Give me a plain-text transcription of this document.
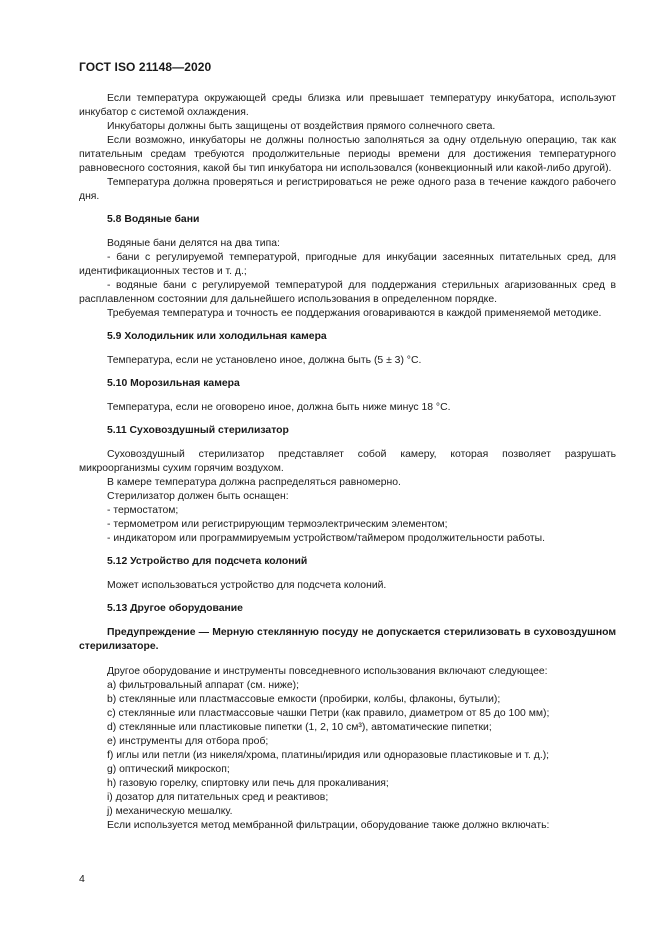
ГОСТ ISO 21148—2020

Если температура окружающей среды близка или превышает температуру инкубатора, используют инкубатор с системой охлаждения.

Инкубаторы должны быть защищены от воздействия прямого солнечного света.

Если возможно, инкубаторы не должны полностью заполняться за одну отдельную операцию, так как питательным средам требуются продолжительные периоды времени для достижения температурного равновесного состояния, какой бы тип инкубатора ни использовался (конвекционный или какой-либо другой).

Температура должна проверяться и регистрироваться не реже одного раза в течение каждого рабочего дня.

5.8 Водяные бани

Водяные бани делятся на два типа:

- бани с регулируемой температурой, пригодные для инкубации засеянных питательных сред, для идентификационных тестов и т. д.;

- водяные бани с регулируемой температурой для поддержания стерильных агаризованных сред в расплавленном состоянии для дальнейшего использования в определенном порядке.

Требуемая температура и точность ее поддержания оговариваются в каждой применяемой методике.

5.9 Холодильник или холодильная камера

Температура, если не установлено иное, должна быть (5 ± 3) °С.

5.10 Морозильная камера

Температура, если не оговорено иное, должна быть ниже минус 18 °С.

5.11 Суховоздушный стерилизатор

Суховоздушный стерилизатор представляет собой камеру, которая позволяет разрушать микроорганизмы сухим горячим воздухом.

В камере температура должна распределяться равномерно.

Стерилизатор должен быть оснащен:

- термостатом;

- термометром или регистрирующим термоэлектрическим элементом;

- индикатором или программируемым устройством/таймером продолжительности работы.

5.12 Устройство для подсчета колоний

Может использоваться устройство для подсчета колоний.

5.13 Другое оборудование

Предупреждение — Мерную стеклянную посуду не допускается стерилизовать в суховоздушном стерилизаторе.

Другое оборудование и инструменты повседневного использования включают следующее:

a) фильтровальный аппарат (см. ниже);

b) стеклянные или пластмассовые емкости (пробирки, колбы, флаконы, бутыли);

c) стеклянные или пластмассовые чашки Петри (как правило, диаметром от 85 до 100 мм);

d) стеклянные или пластиковые пипетки (1, 2, 10 см³), автоматические пипетки;

e) инструменты для отбора проб;

f) иглы или петли (из никеля/хрома, платины/иридия или одноразовые пластиковые и т. д.);

g) оптический микроскоп;

h) газовую горелку, спиртовку или печь для прокаливания;

i) дозатор для питательных сред и реактивов;

j) механическую мешалку.

Если используется метод мембранной фильтрации, оборудование также должно включать:

4
